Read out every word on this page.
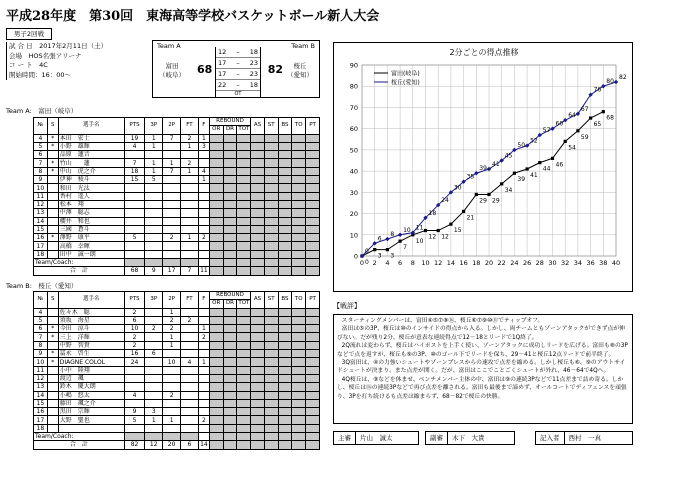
平成28年度　第30回　東海高等学校バスケットボール新人大会
男子2回戦
試 合 日　2017年2月11日（土）
会場　HOS名張アリーナ
コ ー ト　4C
開始時間：16：00～
Team A	Team B
富田
（岐阜）
桜丘
（愛知）
68	82
12 – 18
17 – 23
17 – 23
22 – 18
OT
Team A:　富田（岐阜）
№	S	選手名	PTS	3P	2P	FT	F	REBOUND			AS	ST	BS	TO	PT
								OR	DR	TOT					
4	*	本田　宏士	19	1	7	2	1								
5	*	小野　雄輝	4	1		1	3								
6		品原　蓮音													
7	*	竹山　　蓮	7	1	1	2									
8	*	中山　虎之介	18	1	7	1	4								
9		伊神　稜斗	15	5			1								
10		和田　光汰													
11		香村　遥人													
12		松本　翔													
13		中澤　聡志													
14		櫻井　和也													
15		三國　蒼斗													
16	*	澤野　康平	5		2	1	2								
17		高橋　幸暉													
18		田中　誠一朗													
Team/Coach:															
合　計			68	9	17	7	11								
Team B:　桜丘（愛知）
№	S	選手名	PTS	3P	2P	FT	F	REBOUND			AS	ST	BS	TO	PT
								OR	DR	TOT					
4		佐々木　聡	2		1										
5		須坂　海星	6		2	2									
6	*	今田　涼斗	10	2	2		1								
7	*	三上　洋輝	2		1		2								
8		中野　智貴	2		1										
9	*	冨永　啓生	16	6											
10	*	DIAGNE COLOL	24		10	4	1								
11		小中　陸翔													
12		渡辺　颯													
13		鈴木　慶大朗													
14		小嶋　悠太	4		2										
15		藤田　颯之介													
16		黒田　宗輝	9	3											
17		大野　聖也	5	1	1		2								
18															
Team/Coach:															
合　計			82	12	20	6	14								
2分ごとの得点推移
0
10
20
30
40
50
60
70
80
90
0 2 4 6 8 10 12 14 16 18 20 22 24 26 28 30 32 34 36 38 40
0
3 3
7
10
12 12
15
21
29 29
34
39
41
44
46
54
59
65
68
0
6
8
10 11
18
24
30
35
39
41
45
50
52
57
60
64
67
76
80
82
富田(岐阜)
桜丘(愛知)
【戦評】

スターティングメンバーは、富田④⑤⑦⑧⑯、桜丘⑥⑦⑨⑩⑪でティップオフ。

富田は⑤の3P、桜丘は⑩のインサイドの得点から入る。しかし、両チームともゾーンアタックができず点が伸びない。だが残り2分、桜丘が意表な連続得点で12－18とリードで1Q終了。

2Q流れは変わらず、桜丘はハイポストを上手く使い、ゾーンアタックに成功しリードを広げる。富田も⑧の3Pなどで点を返すが、桜丘も⑨の3P、⑩のゴール下でリードを保ち、29－41と桜丘12点リードで前半終了。

3Q富田は、④の力強いシュートやゾーンプレスからの速攻で点差を縮める。しかし桜丘も⑥、⑨のアウトサイドシュートが決まり、また点差が開く。だが、富田はここでことごくシュートが外れ、46－64で4Qへ。

4Q桜丘は、⑨などを休ませ、ベンチメンバー主体の中、富田は⑨の連続3Pなどで11点差まで詰め寄る。しかし、桜丘は⑯の連続3Pなどで再び点差を離される。富田も最後まで諦めず、オールコートでディフェンスを頑張り、3Pを打ち続けるも点差は縮まらず、68－82で桜丘の快勝。

主審	片山　誠太	副審	木下　大貴	記入者	西村　一真
